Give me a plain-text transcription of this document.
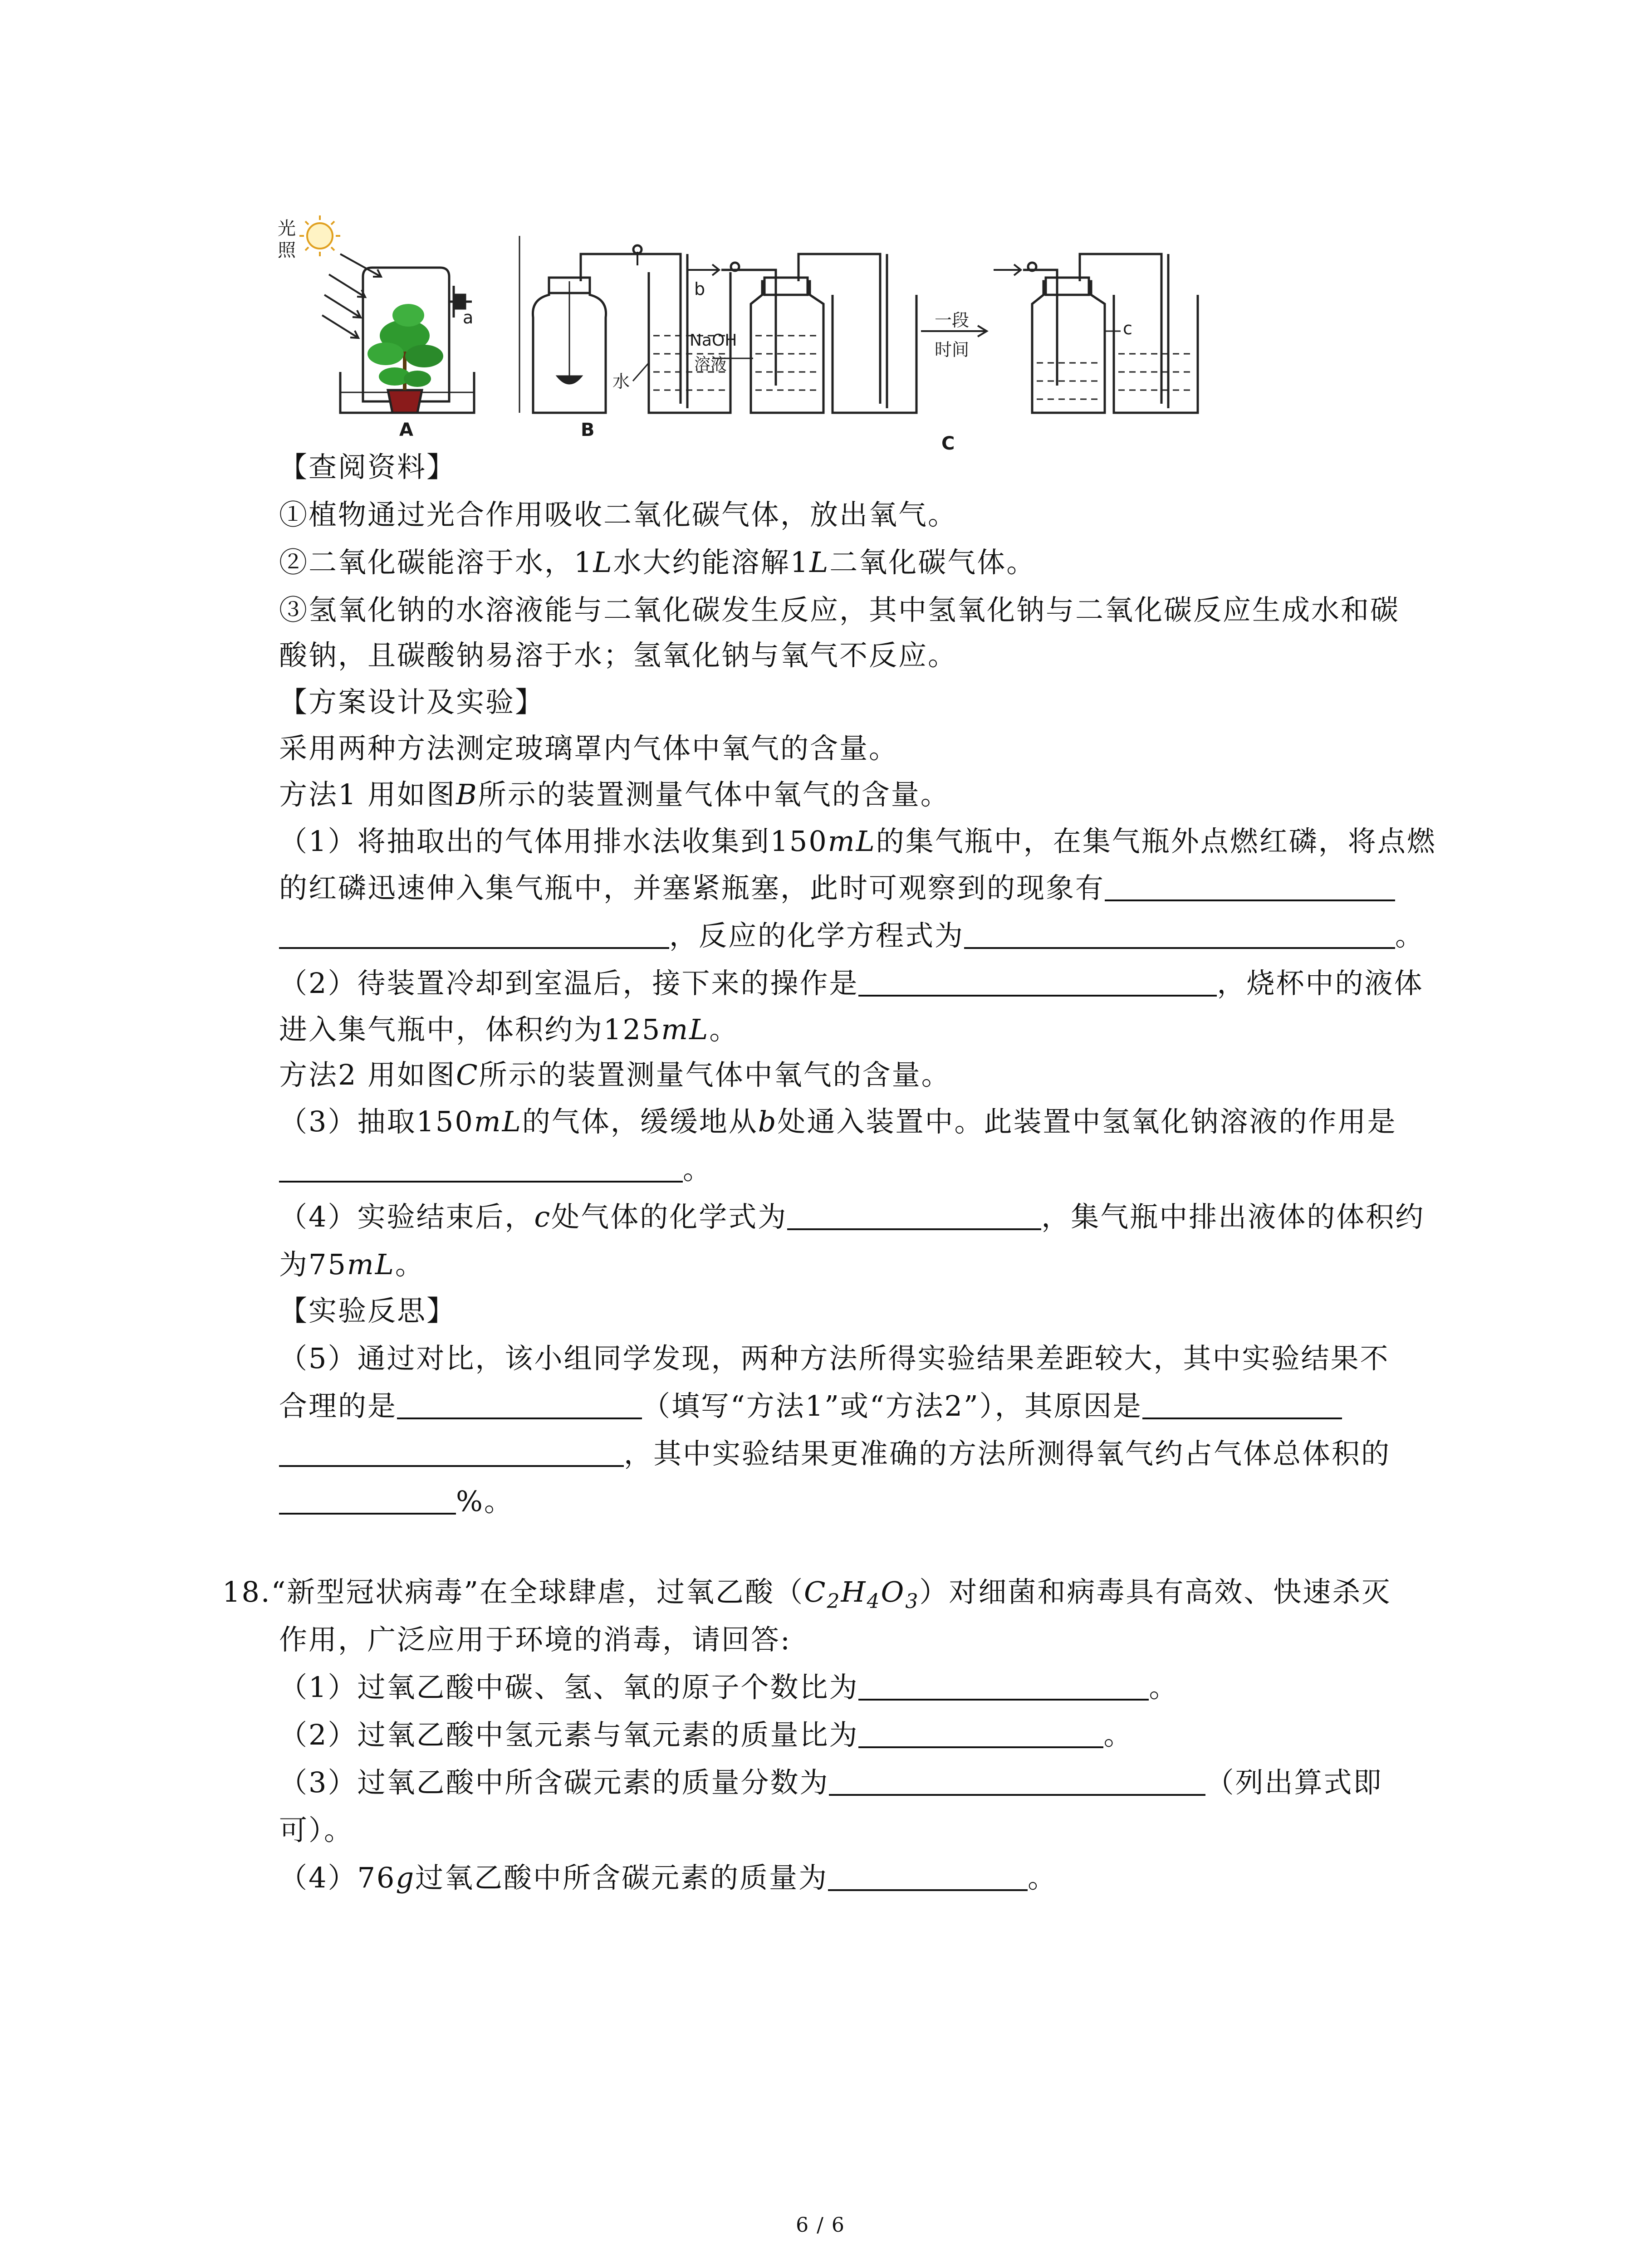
光
照
a
A
水
B
b
NaOH
溶液
一段
时间
c
C
【查阅资料】
①植物通过光合作用吸收二氧化碳气体，放出氧气。
②二氧化碳能溶于水，1L水大约能溶解1L二氧化碳气体。
③氢氧化钠的水溶液能与二氧化碳发生反应，其中氢氧化钠与二氧化碳反应生成水和碳
酸钠，且碳酸钠易溶于水；氢氧化钠与氧气不反应。
【方案设计及实验】
采用两种方法测定玻璃罩内气体中氧气的含量。
方法1 用如图B所示的装置测量气体中氧气的含量。
（1）将抽取出的气体用排水法收集到150mL的集气瓶中，在集气瓶外点燃红磷，将点燃
的红磷迅速伸入集气瓶中，并塞紧瓶塞，此时可观察到的现象有
，反应的化学方程式为	。
（2）待装置冷却到室温后，接下来的操作是	，烧杯中的液体
进入集气瓶中，体积约为125mL。
方法2 用如图C所示的装置测量气体中氧气的含量。
（3）抽取150mL的气体，缓缓地从b处通入装置中。此装置中氢氧化钠溶液的作用是
。
（4）实验结束后，c处气体的化学式为	，集气瓶中排出液体的体积约
为75mL。
【实验反思】
（5）通过对比，该小组同学发现，两种方法所得实验结果差距较大，其中实验结果不
合理的是	（填写“方法1”或“方法2”），其原因是
，其中实验结果更准确的方法所测得氧气约占气体总体积的
%。
18.“新型冠状病毒”在全球肆虐，过氧乙酸$(C_2H_4O_3)$对细菌和病毒具有高效、快速杀灭
作用，广泛应用于环境的消毒，请回答:
（1）过氧乙酸中碳、氢、氧的原子个数比为	。
（2）过氧乙酸中氢元素与氧元素的质量比为	。
（3）过氧乙酸中所含碳元素的质量分数为	（列出算式即
可）。
（4）76g过氧乙酸中所含碳元素的质量为	。
6 / 6
